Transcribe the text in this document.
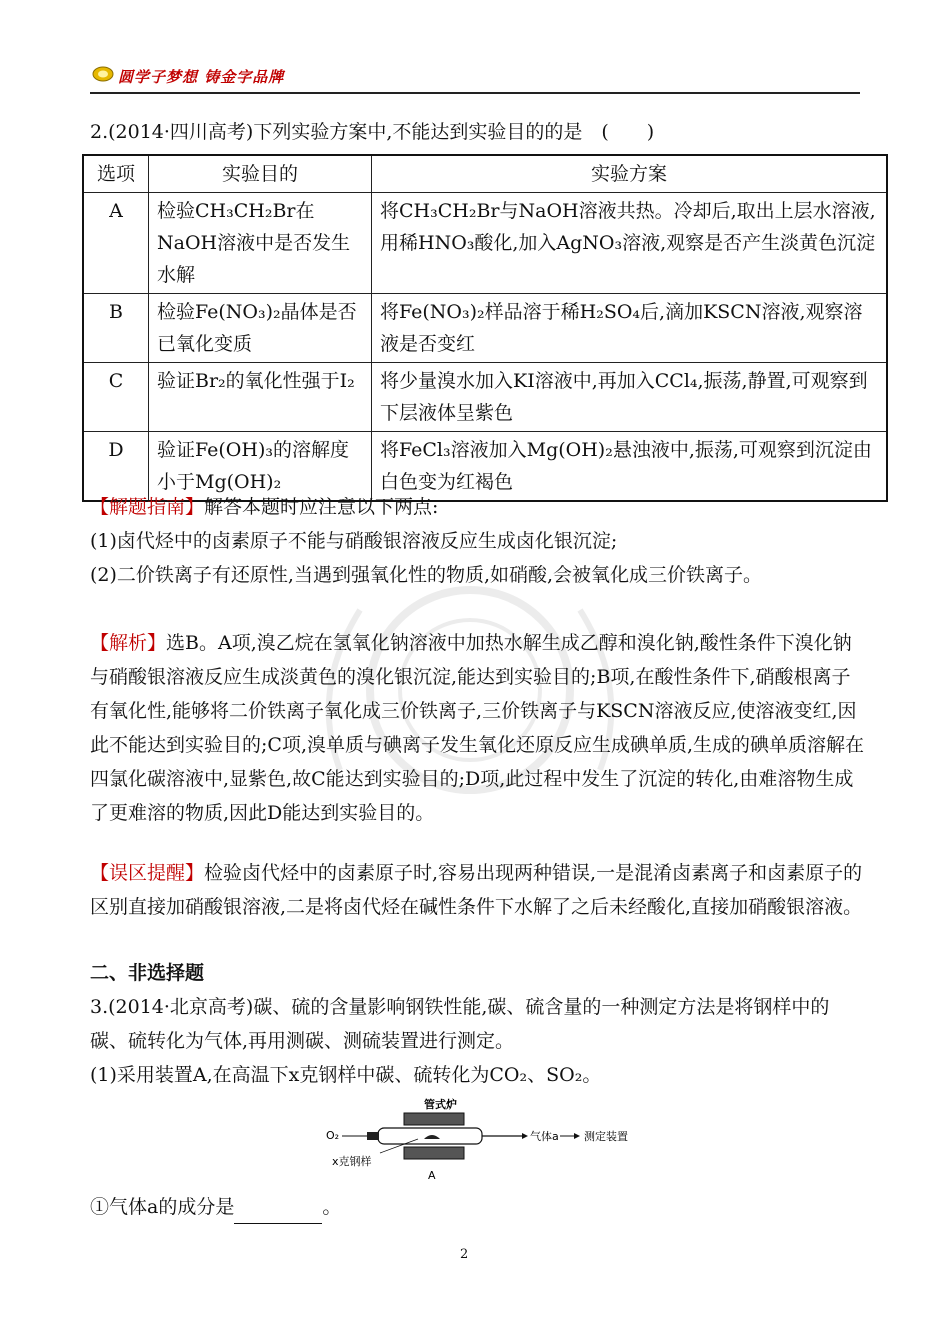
圆学子梦想 铸金字品牌
2.(2014·四川高考)下列实验方案中,不能达到实验目的的是　(　　)
选项	实验目的	实验方案
A	检验CH₃CH₂Br在NaOH溶液中是否发生水解	将CH₃CH₂Br与NaOH溶液共热。冷却后,取出上层水溶液,用稀HNO₃酸化,加入AgNO₃溶液,观察是否产生淡黄色沉淀
B	检验Fe(NO₃)₂晶体是否已氧化变质	将Fe(NO₃)₂样品溶于稀H₂SO₄后,滴加KSCN溶液,观察溶液是否变红
C	验证Br₂的氧化性强于I₂	将少量溴水加入KI溶液中,再加入CCl₄,振荡,静置,可观察到下层液体呈紫色
D	验证Fe(OH)₃的溶解度小于Mg(OH)₂	将FeCl₃溶液加入Mg(OH)₂悬浊液中,振荡,可观察到沉淀由白色变为红褐色
【解题指南】解答本题时应注意以下两点:
(1)卤代烃中的卤素原子不能与硝酸银溶液反应生成卤化银沉淀;
(2)二价铁离子有还原性,当遇到强氧化性的物质,如硝酸,会被氧化成三价铁离子。
【解析】选B。A项,溴乙烷在氢氧化钠溶液中加热水解生成乙醇和溴化钠,酸性条件下溴化钠与硝酸银溶液反应生成淡黄色的溴化银沉淀,能达到实验目的;B项,在酸性条件下,硝酸根离子有氧化性,能够将二价铁离子氧化成三价铁离子,三价铁离子与KSCN溶液反应,使溶液变红,因此不能达到实验目的;C项,溴单质与碘离子发生氧化还原反应生成碘单质,生成的碘单质溶解在四氯化碳溶液中,显紫色,故C能达到实验目的;D项,此过程中发生了沉淀的转化,由难溶物生成了更难溶的物质,因此D能达到实验目的。
【误区提醒】检验卤代烃中的卤素原子时,容易出现两种错误,一是混淆卤素离子和卤素原子的区别直接加硝酸银溶液,二是将卤代烃在碱性条件下水解了之后未经酸化,直接加硝酸银溶液。
二、非选择题
3.(2014·北京高考)碳、硫的含量影响钢铁性能,碳、硫含量的一种测定方法是将钢样中的碳、硫转化为气体,再用测碳、测硫装置进行测定。
(1)采用装置A,在高温下x克钢样中碳、硫转化为CO₂、SO₂。
管式炉
O₂	气体a 测定装置
x克钢样
A
①气体a的成分是	。
2
